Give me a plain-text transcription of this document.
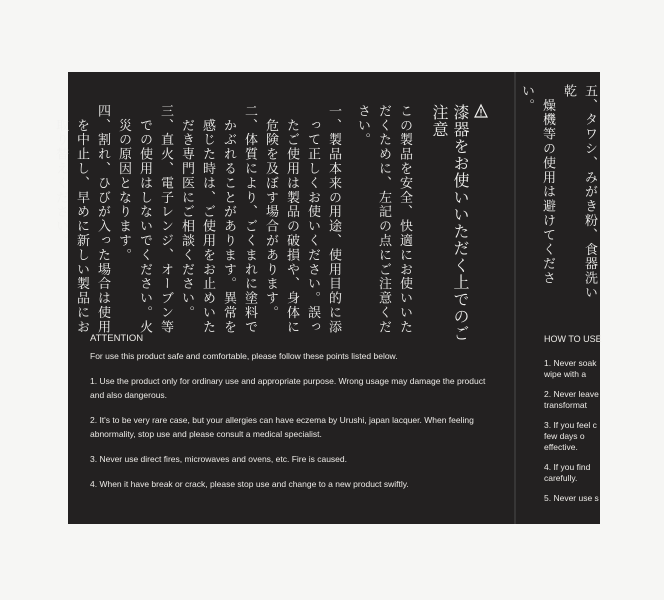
漆器をお使いいただく上でのご注意
この製品を安全、快適にお使いいた
だくために、左記の点にご注意くだ
さい。
一、製品本来の用途、使用目的に添
　って正しくお使いください。誤っ
　たご使用は製品の破損や、身体に
　危険を及ぼす場合があります。
二、体質により、ごくまれに塗料で
　かぶれることがあります。異常を
　感じた時は、ご使用をお止めいた
　だき専門医にご相談ください。
三、直火、電子レンジ、オーブン等
　での使用はしないでください。火
　災の原因となります。
四、割れ、ひびが入った場合は使用
　を中止し、早めに新しい製品にお
　取り替えください。
ATTENTION
For use this product safe and comfortable, please follow these points listed below.
1. Use the product only for ordinary use and appropriate purpose. Wrong usage may damage the product and also dangerous.
2. It's to be very rare case, but your allergies can have eczema by Urushi, japan lacquer. When feeling abnormality, stop use and please consult a medical specialist.
3. Never use direct fires, microwaves and ovens, etc. Fire is caused.
4. When it have break or crack, please stop use and change to a new product swiftly.
五、タワシ、みがき粉、食器洗い乾
　燥機等の使用は避けてください。
HOW TO USE
1. Never soak
wipe with a
2. Never leave
transformat
3. If you feel c
few days o
effective.
4. If you find
carefully.
5. Never use s
